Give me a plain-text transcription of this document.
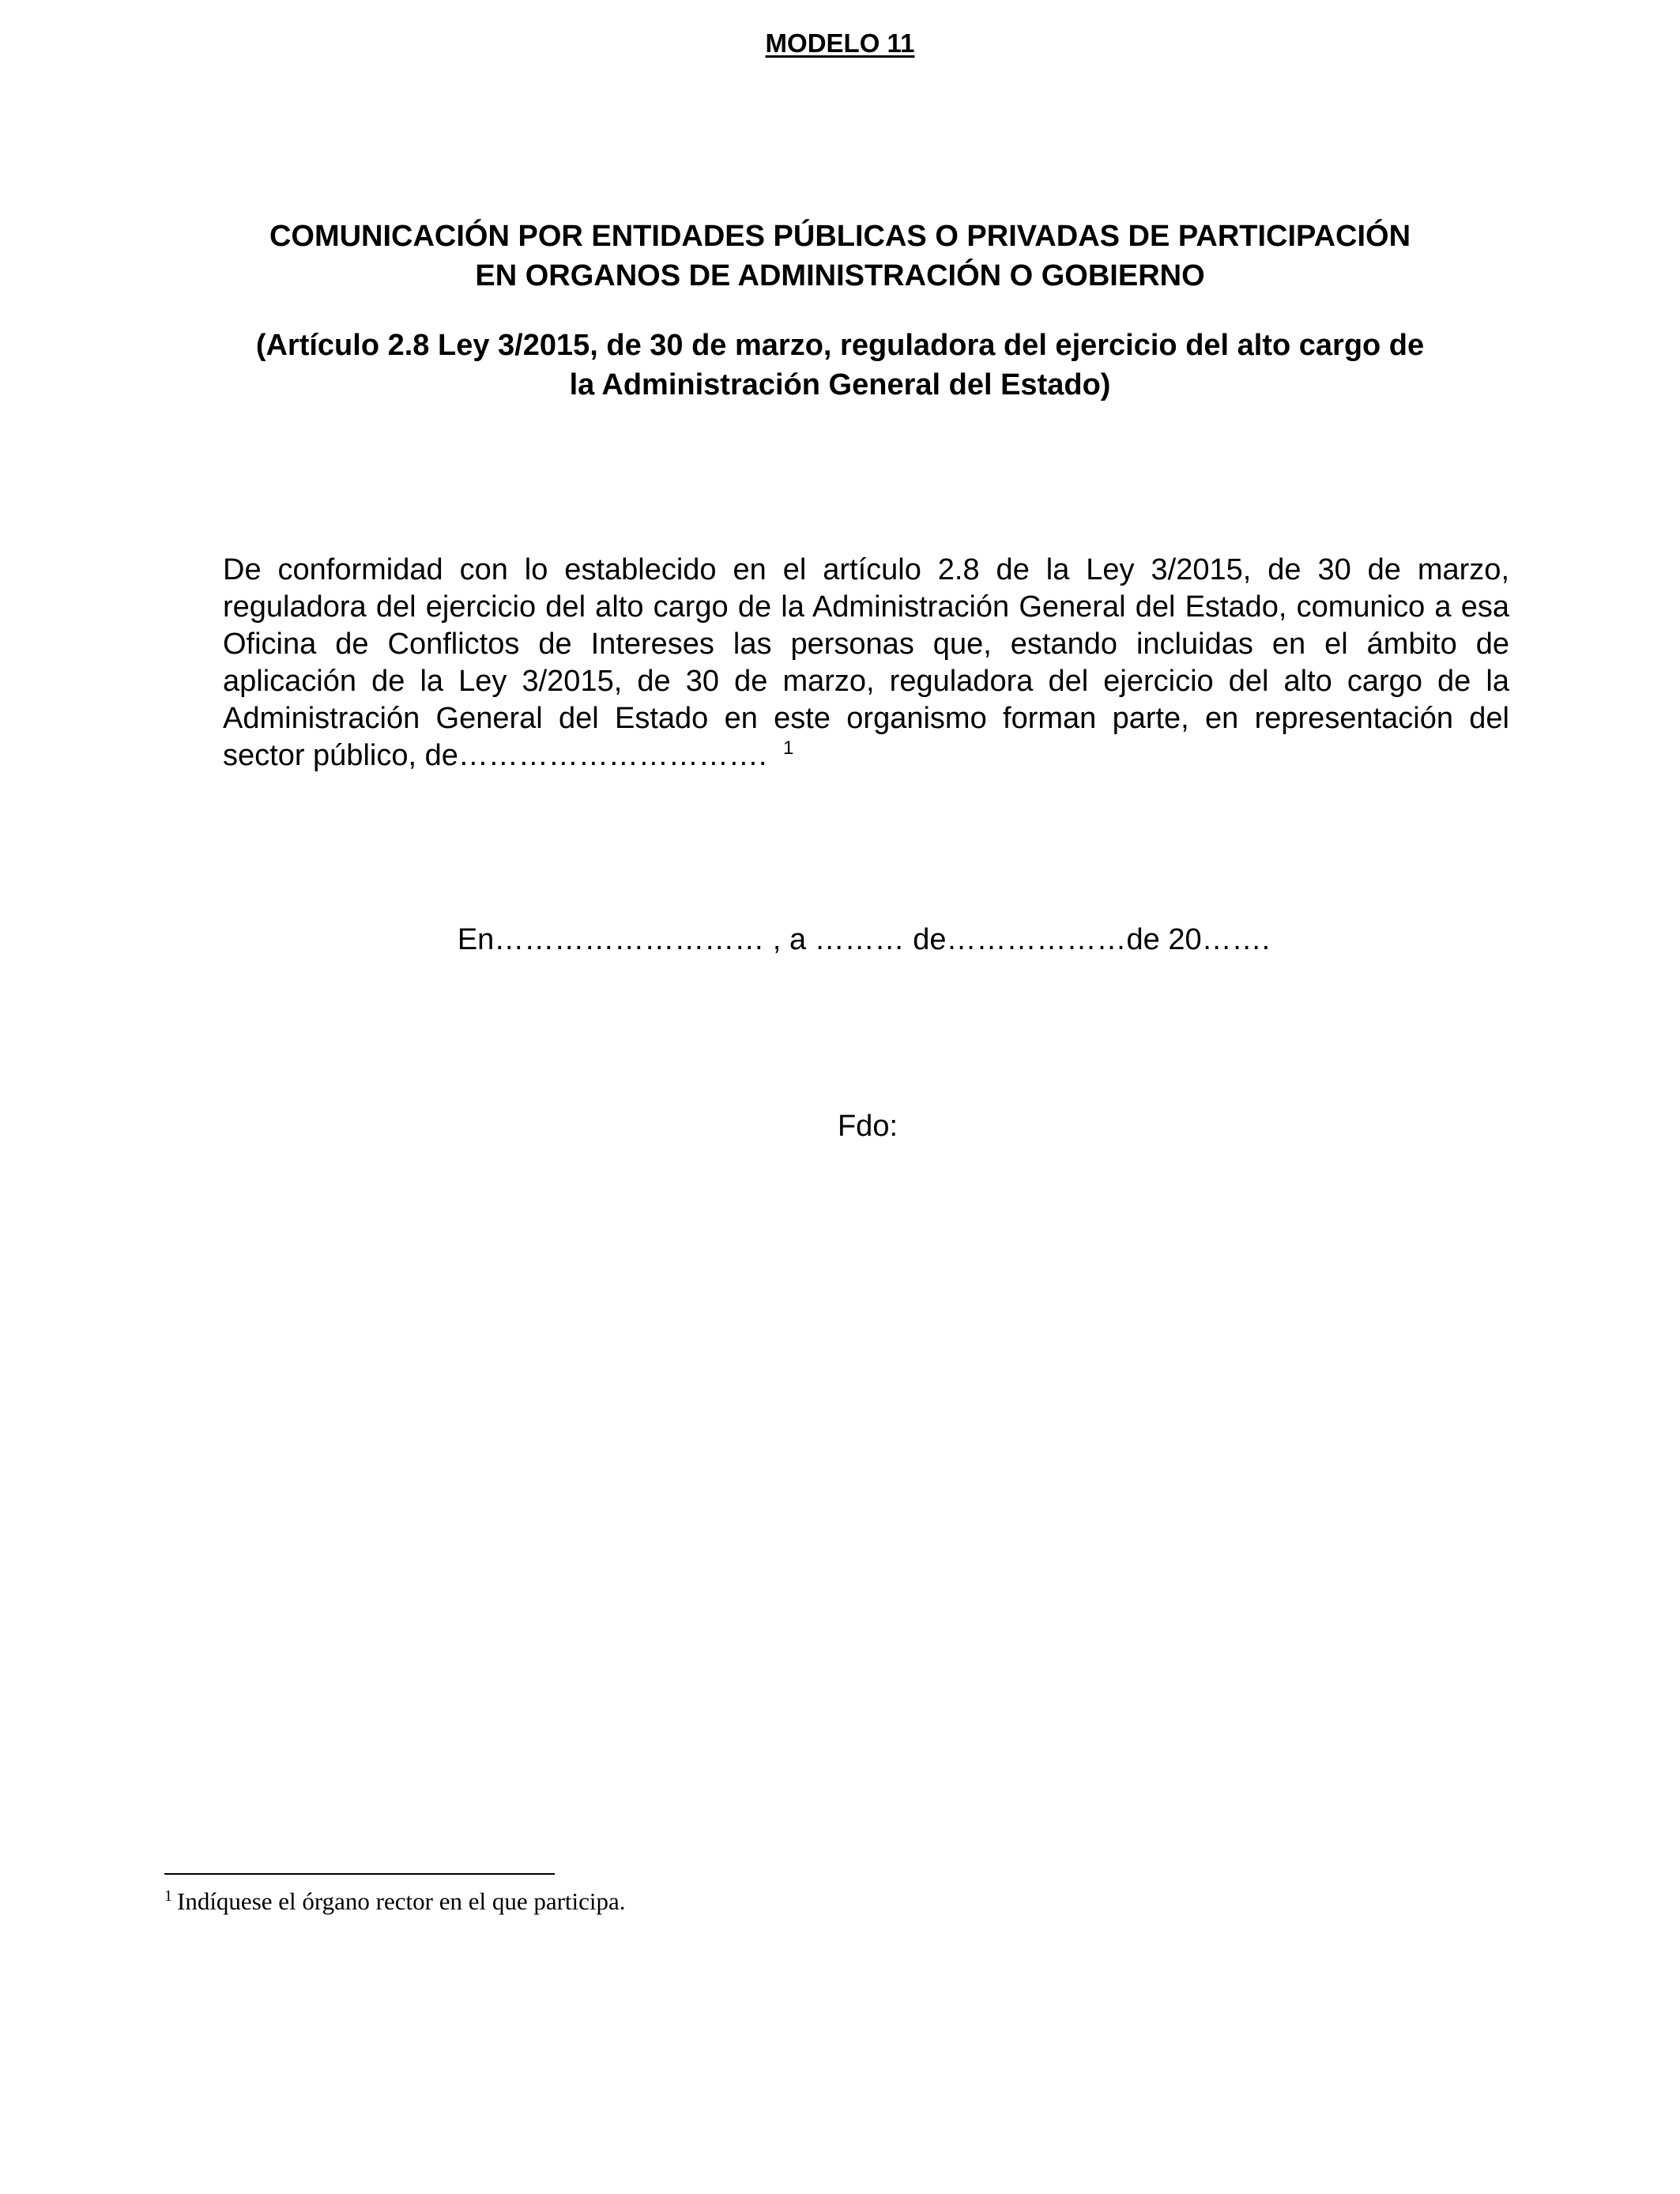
MODELO 11
COMUNICACIÓN POR ENTIDADES PÚBLICAS O PRIVADAS DE PARTICIPACIÓN
EN ORGANOS DE ADMINISTRACIÓN O GOBIERNO
(Artículo 2.8 Ley 3/2015, de 30 de marzo, reguladora del ejercicio del alto cargo de
la Administración General del Estado)
De conformidad con lo establecido en el artículo 2.8 de la Ley 3/2015, de 30 de marzo, reguladora del ejercicio del alto cargo de la Administración General del Estado, comunico a esa Oficina de Conflictos de Intereses las personas que, estando incluidas en el ámbito de aplicación de la Ley 3/2015, de 30 de marzo, reguladora del ejercicio del alto cargo de la Administración General del Estado en este organismo forman parte, en representación del sector público, de…………………………. $^1$
En……………………… , a ……… de………………de 20…….
Fdo:
$^1$ Indíquese el órgano rector en el que participa.
